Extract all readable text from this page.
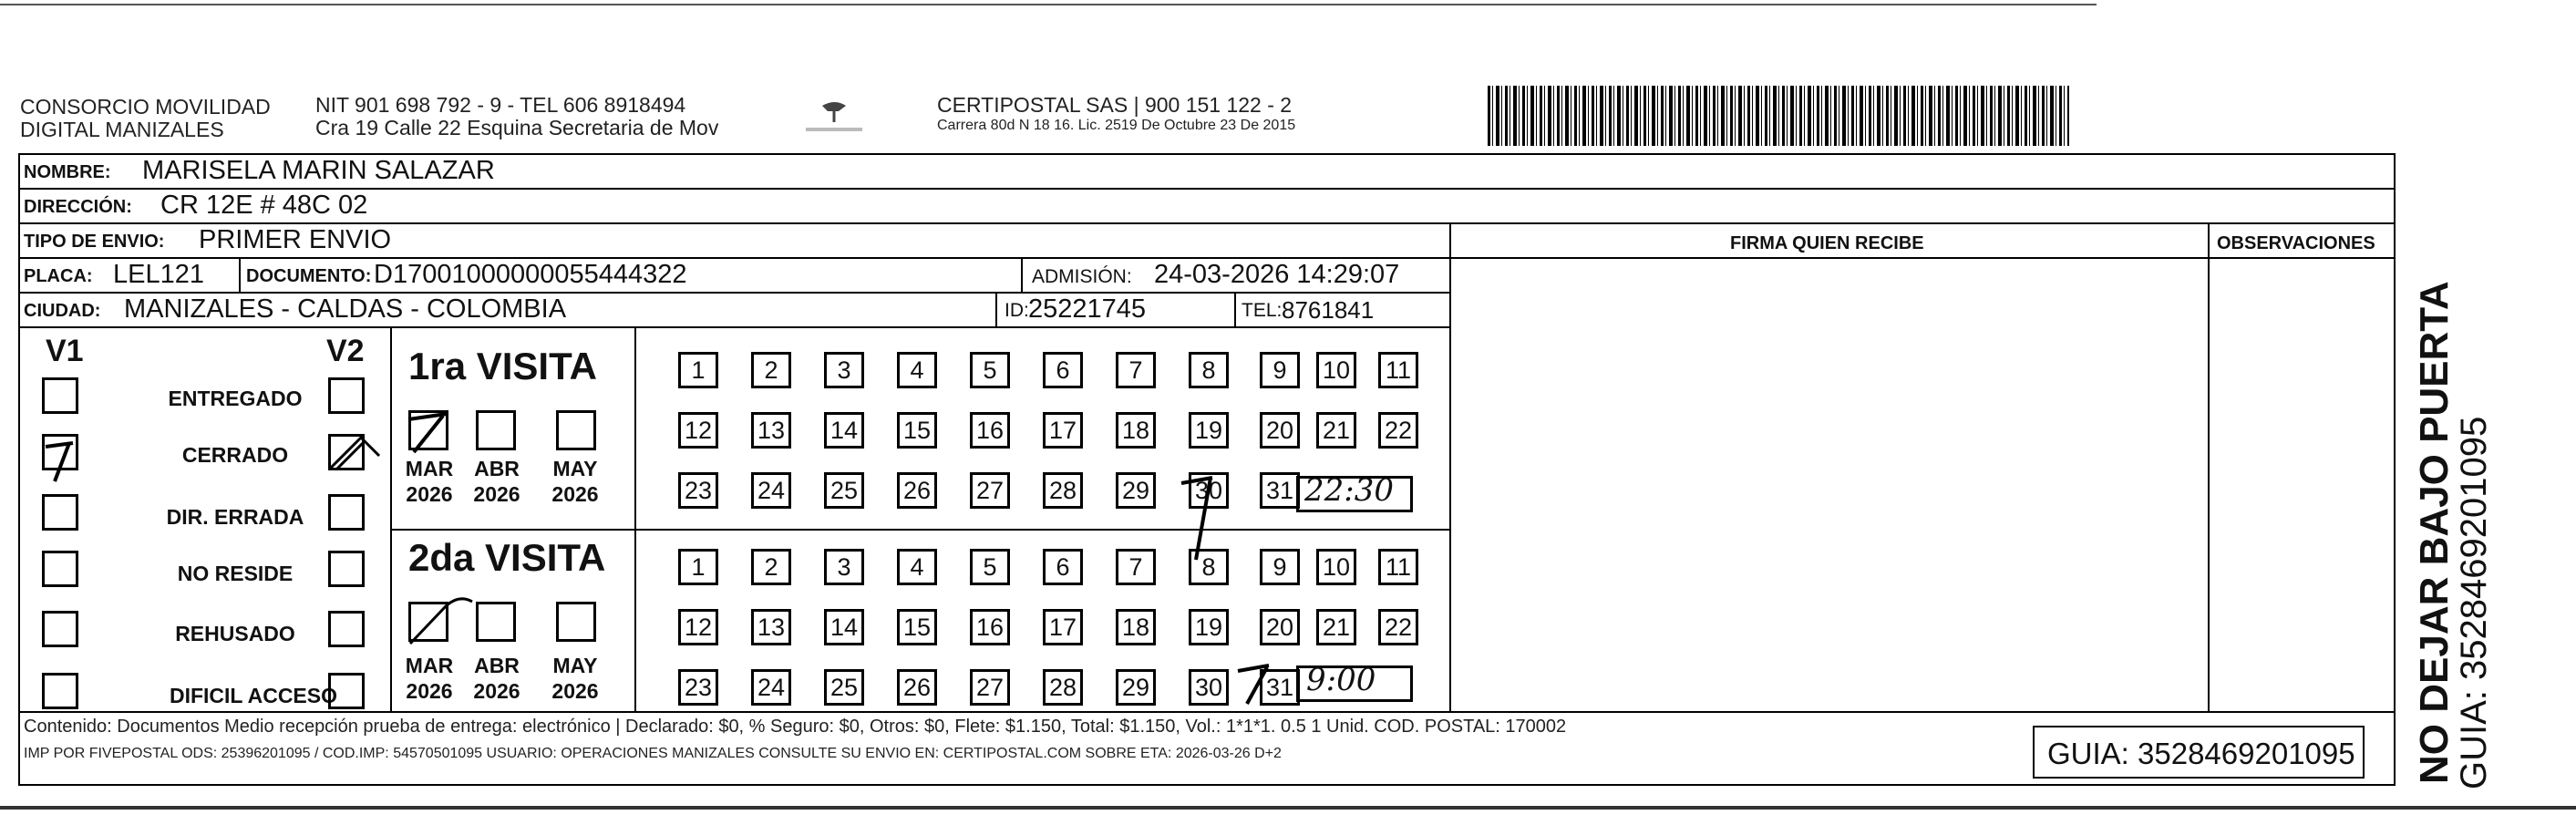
CONSORCIO MOVILIDAD
DIGITAL MANIZALES
NIT 901 698 792 - 9 - TEL 606 8918494
Cra 19 Calle 22 Esquina Secretaria de Mov
CERTIPOSTAL SAS | 900 151 122 - 2
Carrera 80d N 18 16. Lic. 2519 De Octubre 23 De 2015
NOMBRE: MARISELA MARIN SALAZAR
DIRECCIÓN: CR 12E # 48C 02
TIPO DE ENVIO: PRIMER ENVIO	FIRMA QUIEN RECIBE	OBSERVACIONES
PLACA: LEL121 DOCUMENTO: D17001000000055444322	ADMISIÓN: 24-03-2026 14:29:07
CIUDAD: MANIZALES - CALDAS - COLOMBIA	ID: 25221745	TEL: 8761841
V1	V2
ENTREGADO
CERRADO
DIR. ERRADA
NO RESIDE
REHUSADO
DIFICIL ACCESO
1ra VISITA
MAR
2026
ABR
2026
MAY
2026
1	2	3	4	5	6	7	8	9	10 11
12 13 14 15 16 17 18 19 20 21 22
23 24 25 26 27 28 29 30 31 22:30
2da VISITA
MAR
2026
ABR
2026
MAY
2026
1	2	3	4	5	6	7	8	9	10 11
12 13 14 15 16 17 18 19 20 21 22
23 24 25 26 27 28 29 30 31 9:00
Contenido: Documentos Medio recepción prueba de entrega: electrónico | Declarado: $0, % Seguro: $0, Otros: $0, Flete: $1.150, Total: $1.150, Vol.: 1*1*1. 0.5 1 Unid. COD. POSTAL: 170002
IMP POR FIVEPOSTAL ODS: 25396201095 / COD.IMP: 54570501095 USUARIO: OPERACIONES MANIZALES CONSULTE SU ENVIO EN: CERTIPOSTAL.COM SOBRE ETA: 2026-03-26 D+2	GUIA: 3528469201095 NO DEJAR BAJO PUERTA
GUIA: 3528469201095
